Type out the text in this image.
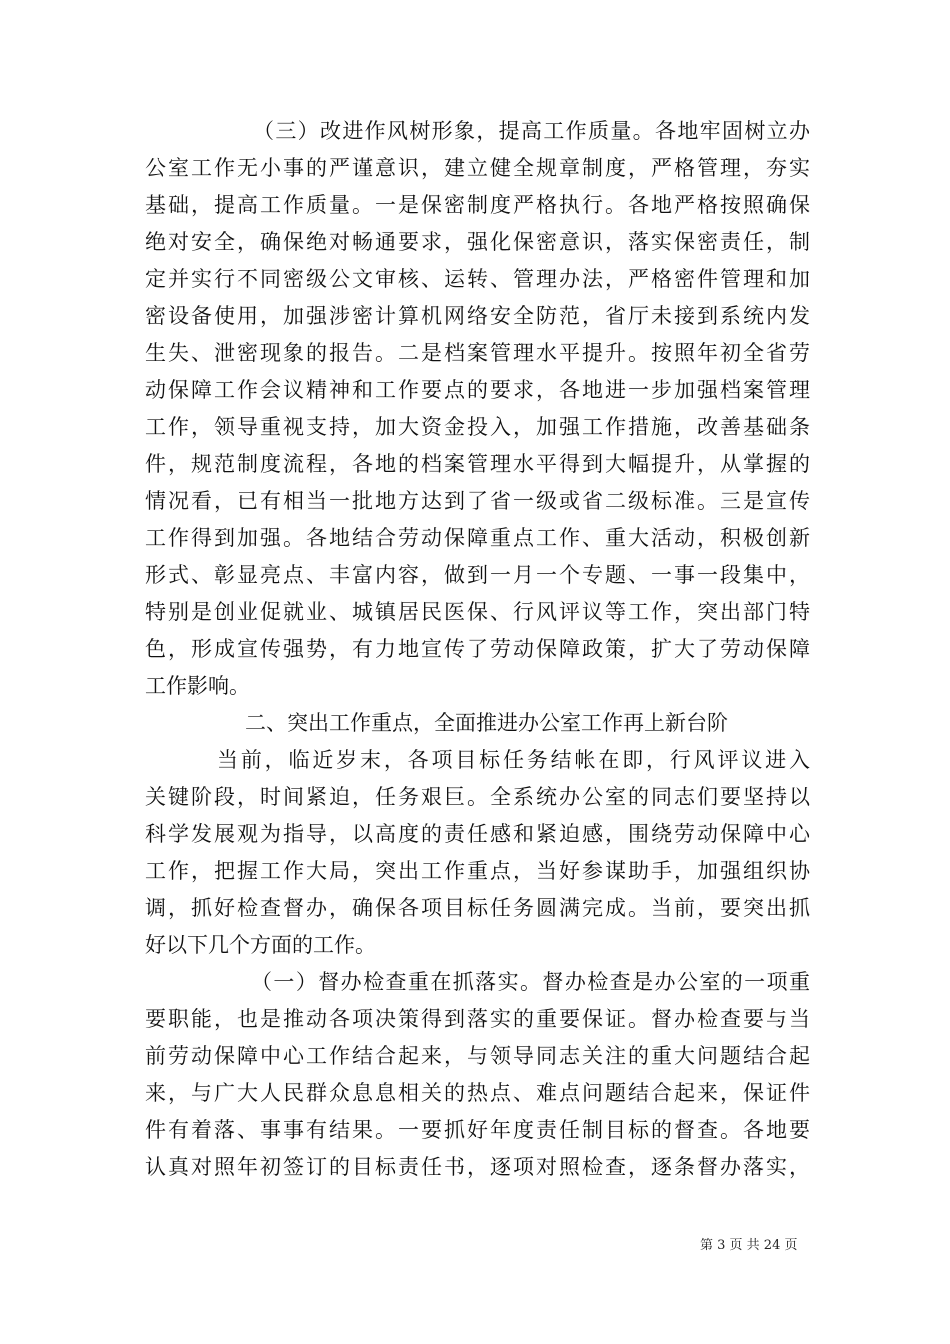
（三）改进作风树形象，提高工作质量。各地牢固树立办
公室工作无小事的严谨意识，建立健全规章制度，严格管理，夯实
基础，提高工作质量。一是保密制度严格执行。各地严格按照确保
绝对安全，确保绝对畅通要求，强化保密意识，落实保密责任，制
定并实行不同密级公文审核、运转、管理办法，严格密件管理和加
密设备使用，加强涉密计算机网络安全防范，省厅未接到系统内发
生失、泄密现象的报告。二是档案管理水平提升。按照年初全省劳
动保障工作会议精神和工作要点的要求，各地进一步加强档案管理
工作，领导重视支持，加大资金投入，加强工作措施，改善基础条
件，规范制度流程，各地的档案管理水平得到大幅提升，从掌握的
情况看，已有相当一批地方达到了省一级或省二级标准。三是宣传
工作得到加强。各地结合劳动保障重点工作、重大活动，积极创新
形式、彰显亮点、丰富内容，做到一月一个专题、一事一段集中，
特别是创业促就业、城镇居民医保、行风评议等工作，突出部门特
色，形成宣传强势，有力地宣传了劳动保障政策，扩大了劳动保障
工作影响。
二、突出工作重点，全面推进办公室工作再上新台阶
当前，临近岁末，各项目标任务结帐在即，行风评议进入
关键阶段，时间紧迫，任务艰巨。全系统办公室的同志们要坚持以
科学发展观为指导，以高度的责任感和紧迫感，围绕劳动保障中心
工作，把握工作大局，突出工作重点，当好参谋助手，加强组织协
调，抓好检查督办，确保各项目标任务圆满完成。当前，要突出抓
好以下几个方面的工作。
（一）督办检查重在抓落实。督办检查是办公室的一项重
要职能，也是推动各项决策得到落实的重要保证。督办检查要与当
前劳动保障中心工作结合起来，与领导同志关注的重大问题结合起
来，与广大人民群众息息相关的热点、难点问题结合起来，保证件
件有着落、事事有结果。一要抓好年度责任制目标的督查。各地要
认真对照年初签订的目标责任书，逐项对照检查，逐条督办落实，
第 3 页 共 24 页
